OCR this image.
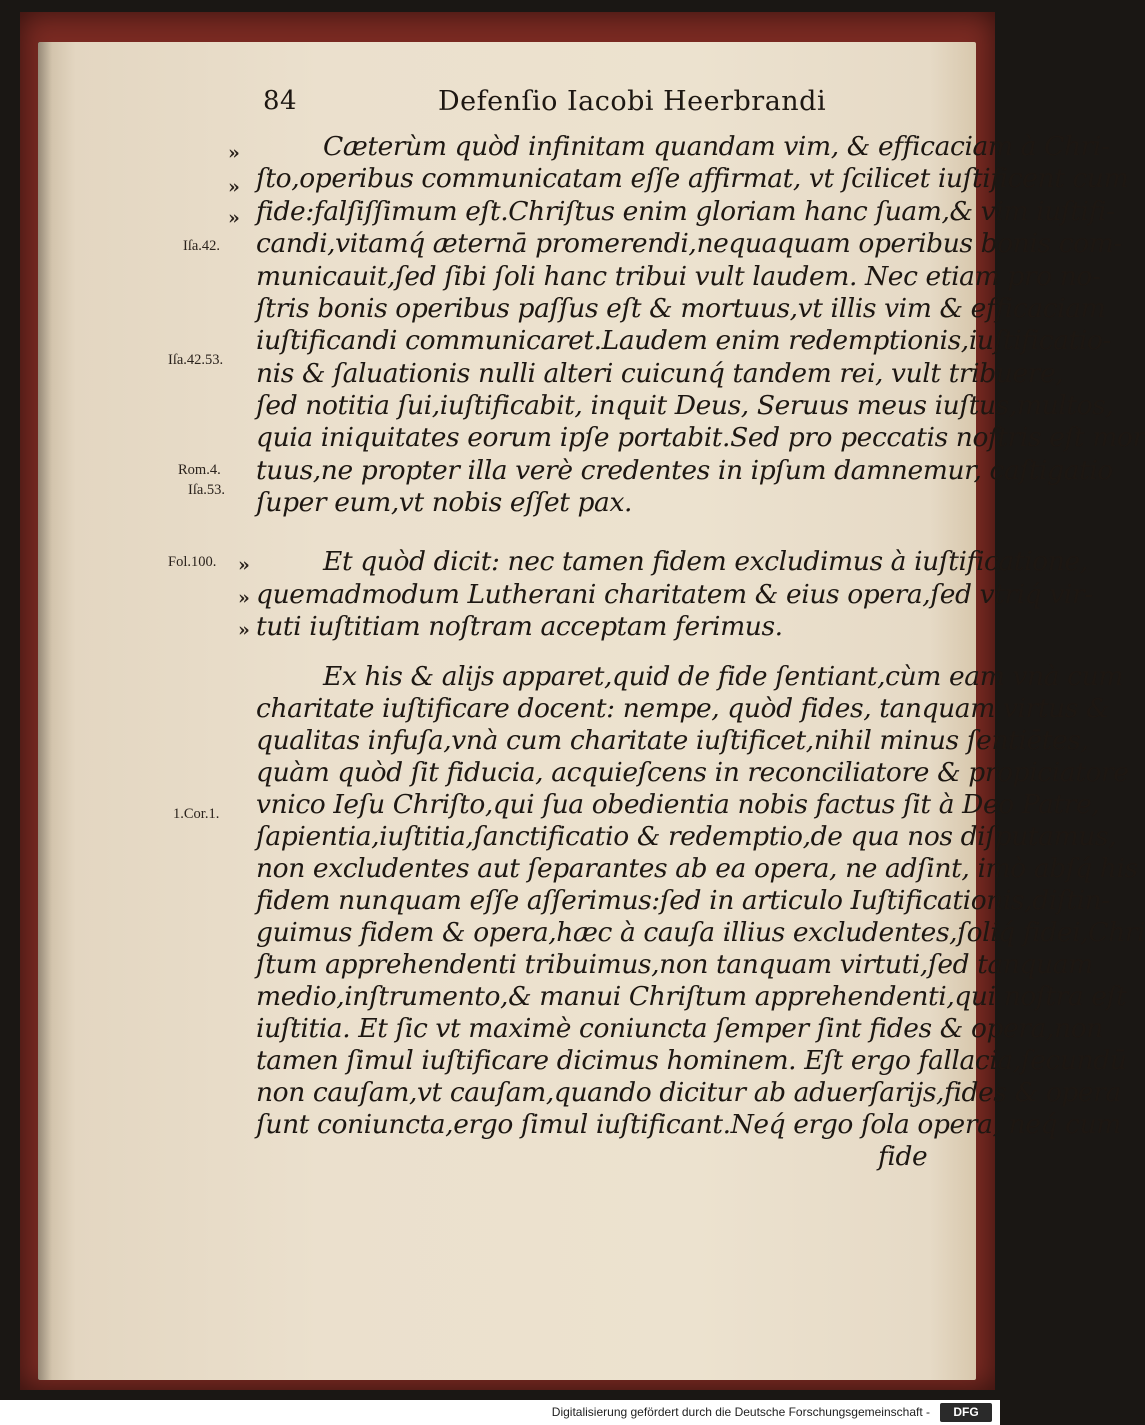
84	Defenſio Iacobi Heerbrandi
Cæterùm quòd infinitam quandam vim, & efficaciam à Chri-
ſto,operibus communicatam eſſe affirmat, vt ſcilicet iuſtificent cum
fide:falſiſſimum eſt.Chriſtus enim gloriam hanc ſuam,& vim iuſtifi-
candi,vitamq́ æternā promerendi,nequaquam operibus bonis com-
municauit,ſed ſibi ſoli hanc tribui vult laudem. Nec etiam pro no-
ſtris bonis operibus paſſus eſt & mortuus,vt illis vim & efficaciam
iuſtificandi communicaret.Laudem enim redemptionis,iuſtificatio-
nis & ſaluationis nulli alteri cuicunq́ tandem rei, vult tribuere,
ſed notitia ſui,iuſtificabit, inquit Deus, Seruus meus iuſtus,multos,
quia iniquitates eorum ipſe portabit.Sed pro peccatis noſtris eſt mor
tuus,ne propter illa verè credentes in ipſum damnemur, caſtigatio
ſuper eum,vt nobis eſſet pax.
Et quòd dicit: nec tamen fidem excludimus à iuſtificatione,
quemadmodum Lutherani charitatem & eius opera,ſed vtriq́ vir-
tuti iuſtitiam noſtram acceptam ferimus.
Ex his & alijs apparet,quid de fide ſentiant,cùm eam vnà cum
charitate iuſtificare docent: nempe, quòd fides, tanquam virtus &
qualitas infuſa,vnà cum charitate iuſtificet,nihil minus ſentiētes,
quàm quòd ſit fiducia, acquieſcens in reconciliatore & propiciatore
vnico Ieſu Chriſto,qui ſua obedientia nobis factus ſit à Deo Patre,
ſapientia,iuſtitia,ſanctificatio & redemptio,de qua nos diſputamus,
non excludentes aut ſeparantes ab ea opera, ne adſint, imò abſq́ his
fidem nunquam eſſe aſſerimus:ſed in articulo Iuſtificationis,diſtin-
guimus fidem & opera,hæc à cauſa illius excludentes,ſoliq́ fidei,Chri
ſtum apprehendenti tribuimus,non tanquam virtuti,ſed tanquam
medio,inſtrumento,& manui Chriſtum apprehendenti,qui noſtra eſt
iuſtitia. Et ſic vt maximè coniuncta ſemper ſint fides & opera,non
tamen ſimul iuſtificare dicimus hominem. Eſt ergo fallacia,ſecundū
non cauſam,vt cauſam,quando dicitur ab aduerſarijs,fides & opera
ſunt coniuncta,ergo ſimul iuſtificant.Neq́ ergo ſola opera, neq́ cum
fide
»
»
»
»
»
»
Iſa.42.
Iſa.42.53.
Rom.4.
Iſa.53.
Fol.100.
1.Cor.1.
Digitalisierung gefördert durch die Deutsche Forschungsgemeinschaft -	DFG
